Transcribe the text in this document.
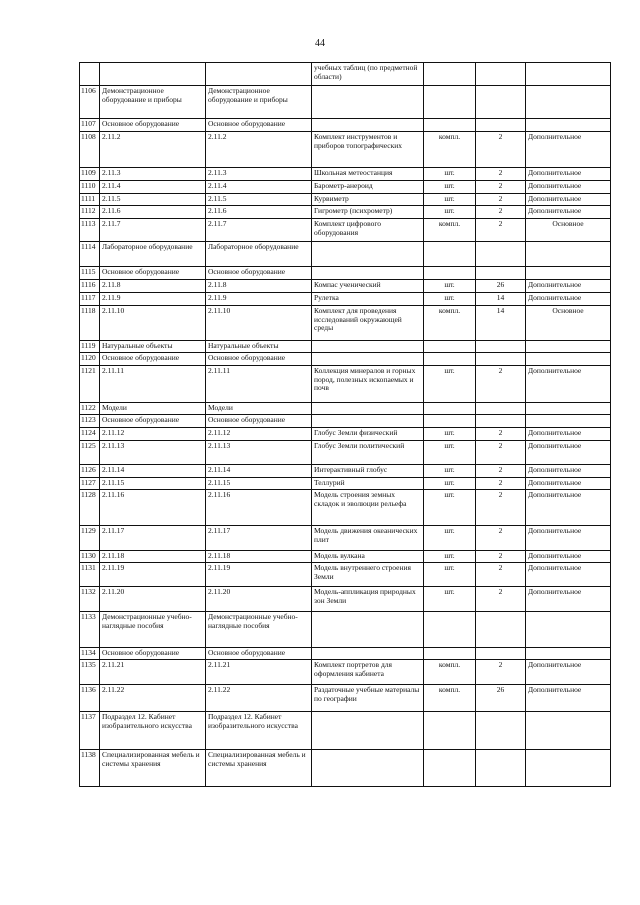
44
			учебных таблиц (по предметной области)			
1106	Демонстрационное оборудование и приборы	Демонстрационное оборудование и приборы				
1107	Основное оборудование	Основное оборудование				
1108	2.11.2	2.11.2	Комплект инструментов и приборов топографических	компл.	2	Дополнительное
1109	2.11.3	2.11.3	Школьная метеостанция	шт.	2	Дополнительное
1110	2.11.4	2.11.4	Барометр-анероид	шт.	2	Дополнительное
1111	2.11.5	2.11.5	Курвиметр	шт.	2	Дополнительное
1112	2.11.6	2.11.6	Гигрометр (психрометр)	шт.	2	Дополнительное
1113	2.11.7	2.11.7	Комплект цифрового оборудования	компл.	2	Основное
1114	Лабораторное оборудование	Лабораторное оборудование				
1115	Основное оборудование	Основное оборудование				
1116	2.11.8	2.11.8	Компас ученический	шт.	26	Дополнительное
1117	2.11.9	2.11.9	Рулетка	шт.	14	Дополнительное
1118	2.11.10	2.11.10	Комплект для проведения исследований окружающей среды	компл.	14	Основное
1119	Натуральные объекты	Натуральные объекты				
1120	Основное оборудование	Основное оборудование				
1121	2.11.11	2.11.11	Коллекция минералов и горных пород, полезных ископаемых и почв	шт.	2	Дополнительное
1122	Модели	Модели				
1123	Основное оборудование	Основное оборудование				
1124	2.11.12	2.11.12	Глобус Земли физический	шт.	2	Дополнительное
1125	2.11.13	2.11.13	Глобус Земли политический	шт.	2	Дополнительное
1126	2.11.14	2.11.14	Интерактивный глобус	шт.	2	Дополнительное
1127	2.11.15	2.11.15	Теллурий	шт.	2	Дополнительное
1128	2.11.16	2.11.16	Модель строения земных складок и эволюции рельефа	шт.	2	Дополнительное
1129	2.11.17	2.11.17	Модель движения океанических плит	шт.	2	Дополнительное
1130	2.11.18	2.11.18	Модель вулкана	шт.	2	Дополнительное
1131	2.11.19	2.11.19	Модель внутреннего строения Земли	шт.	2	Дополнительное
1132	2.11.20	2.11.20	Модель-аппликация природных зон Земли	шт.	2	Дополнительное
1133	Демонстрационные учебно-наглядные пособия	Демонстрационные учебно-наглядные пособия				
1134	Основное оборудование	Основное оборудование				
1135	2.11.21	2.11.21	Комплект портретов для оформления кабинета	компл.	2	Дополнительное
1136	2.11.22	2.11.22	Раздаточные учебные материалы по географии	компл.	26	Дополнительное
1137	Подраздел 12. Кабинет изобразительного искусства	Подраздел 12. Кабинет изобразительного искусства				
1138	Специализированная мебель и системы хранения	Специализированная мебель и системы хранения				
